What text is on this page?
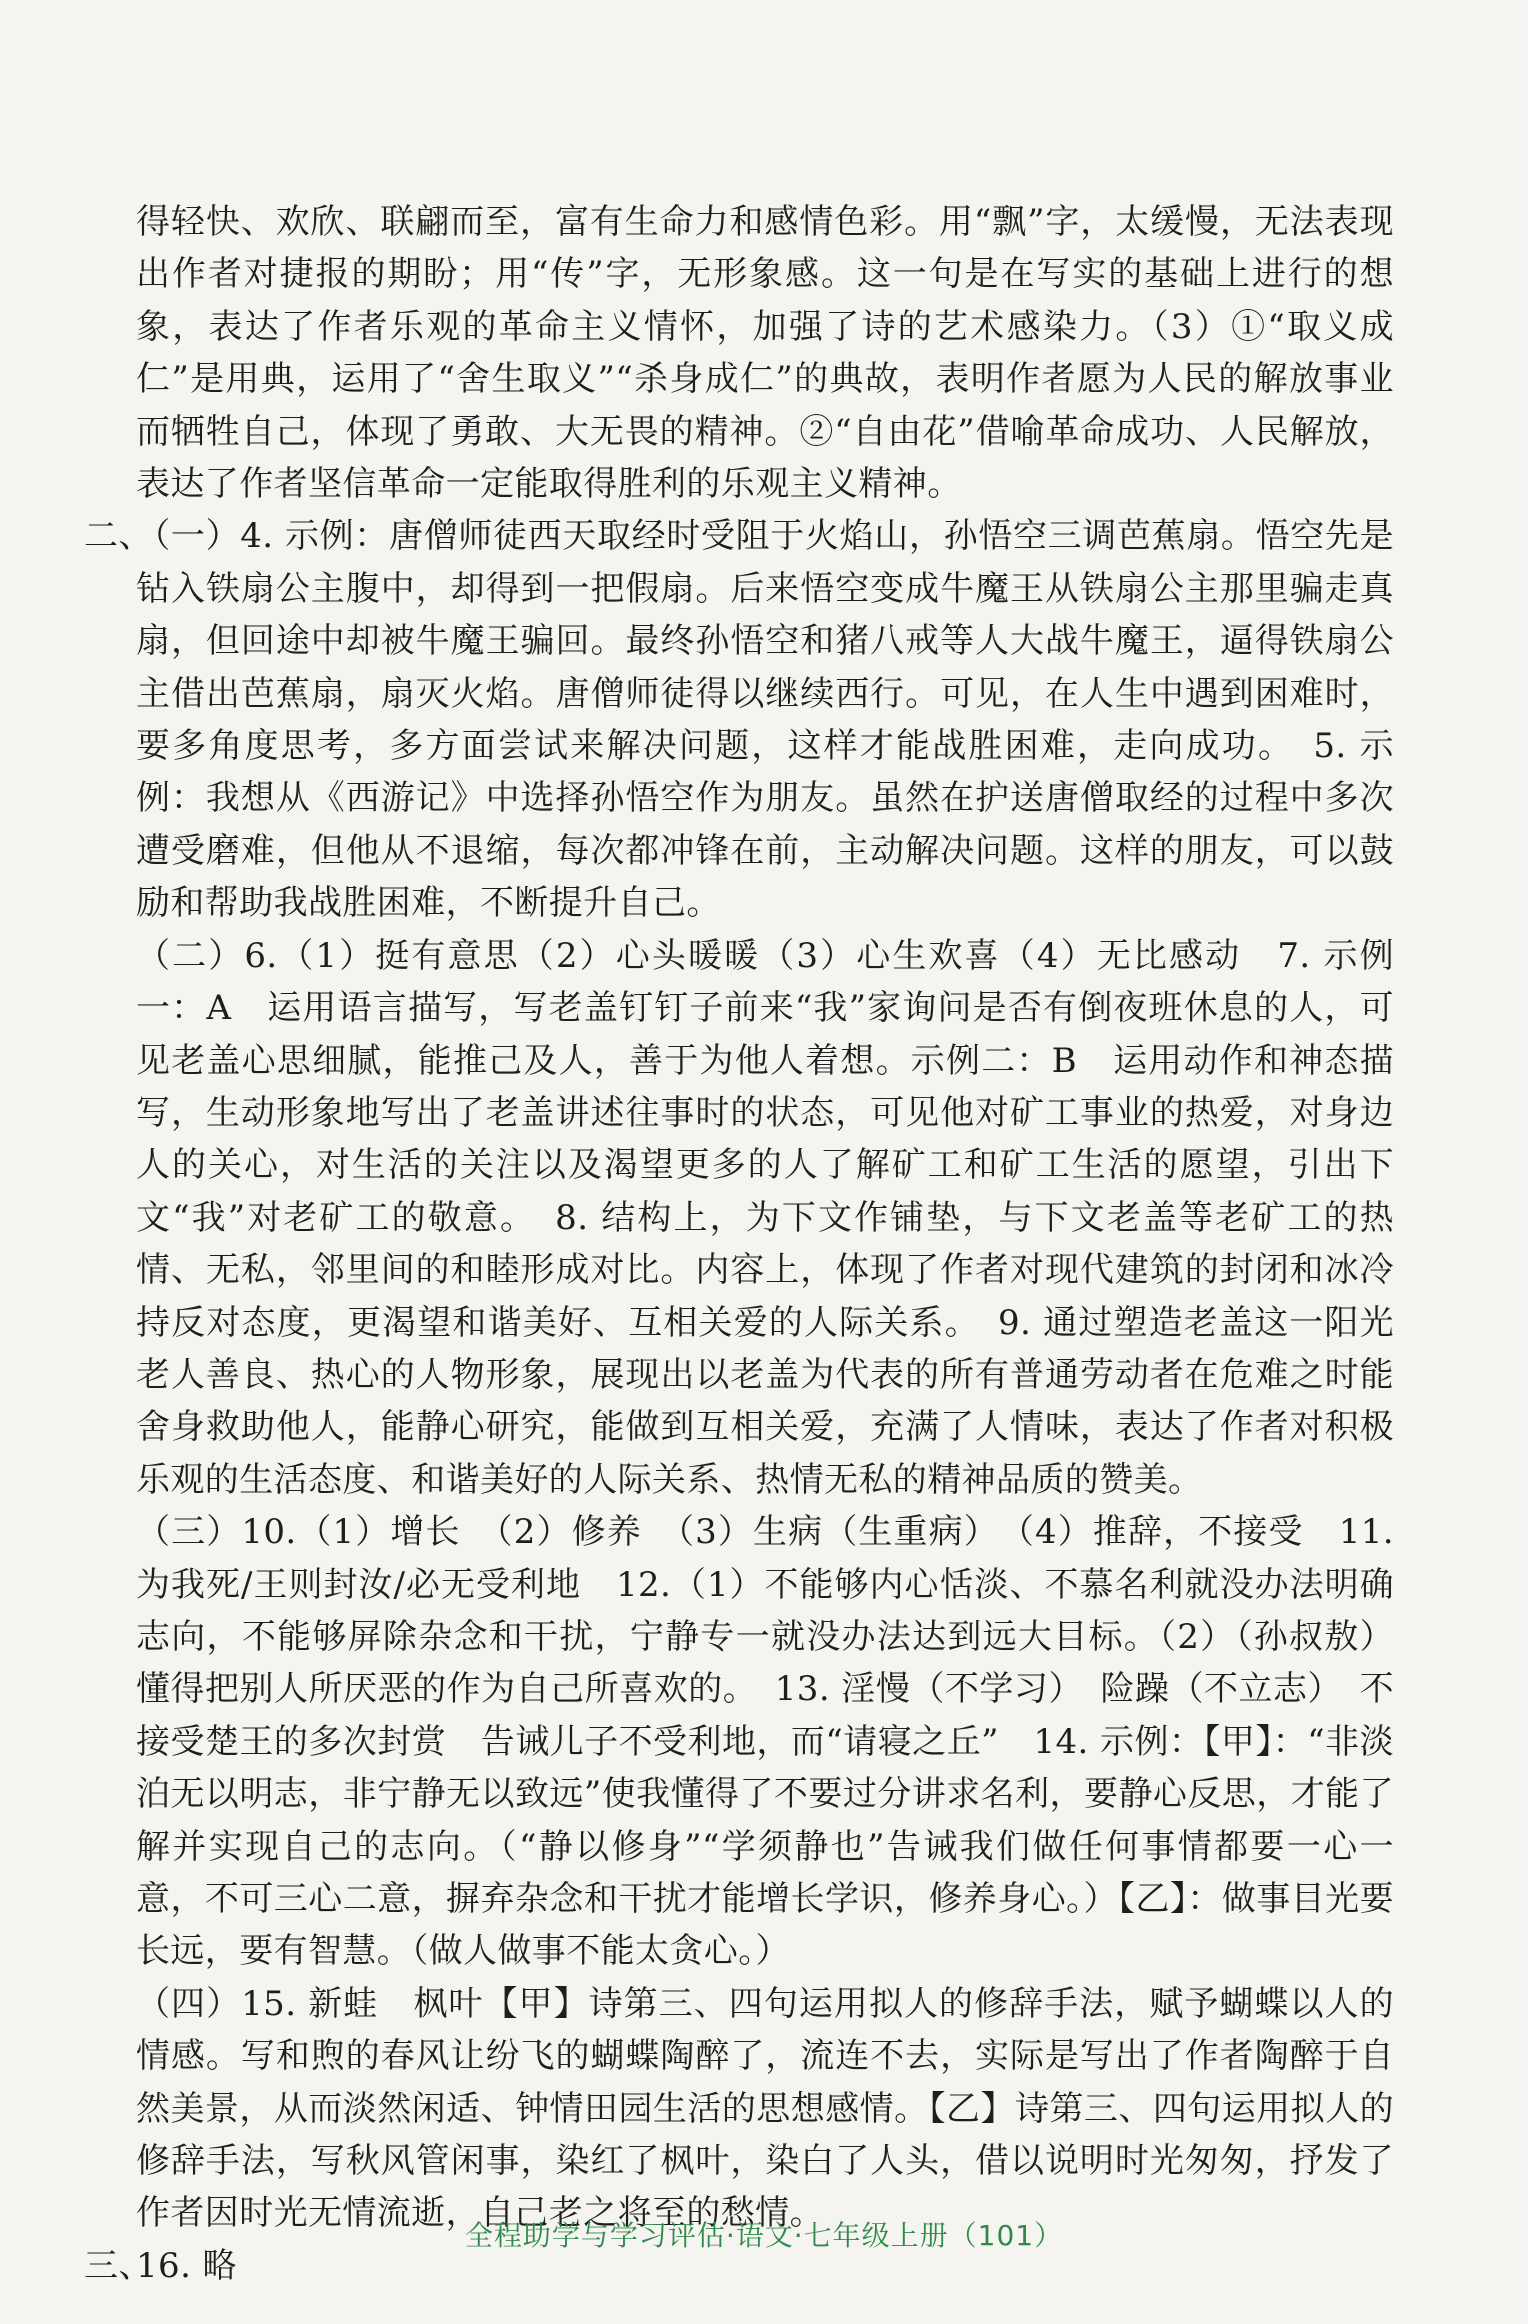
得轻快、欢欣、联翩而至，富有生命力和感情色彩。用“飘”字，太缓慢，无法表现出作者对捷报的期盼；用“传”字，无形象感。这一句是在写实的基础上进行的想象，表达了作者乐观的革命主义情怀，加强了诗的艺术感染力。（3）①“取义成仁”是用典，运用了“舍生取义”“杀身成仁”的典故，表明作者愿为人民的解放事业而牺牲自己，体现了勇敢、大无畏的精神。②“自由花”借喻革命成功、人民解放，表达了作者坚信革命一定能取得胜利的乐观主义精神。

二、（一）4. 示例：唐僧师徒西天取经时受阻于火焰山，孙悟空三调芭蕉扇。悟空先是钻入铁扇公主腹中，却得到一把假扇。后来悟空变成牛魔王从铁扇公主那里骗走真扇，但回途中却被牛魔王骗回。最终孙悟空和猪八戒等人大战牛魔王，逼得铁扇公主借出芭蕉扇，扇灭火焰。唐僧师徒得以继续西行。可见，在人生中遇到困难时，要多角度思考，多方面尝试来解决问题，这样才能战胜困难，走向成功。　5. 示例：我想从《西游记》中选择孙悟空作为朋友。虽然在护送唐僧取经的过程中多次遭受磨难，但他从不退缩，每次都冲锋在前，主动解决问题。这样的朋友，可以鼓励和帮助我战胜困难，不断提升自己。

（二）6.（1）挺有意思（2）心头暖暖（3）心生欢喜（4）无比感动　7. 示例一：A　运用语言描写，写老盖钉钉子前来“我”家询问是否有倒夜班休息的人，可见老盖心思细腻，能推己及人，善于为他人着想。示例二：B　运用动作和神态描写，生动形象地写出了老盖讲述往事时的状态，可见他对矿工事业的热爱，对身边人的关心，对生活的关注以及渴望更多的人了解矿工和矿工生活的愿望，引出下文“我”对老矿工的敬意。　8. 结构上，为下文作铺垫，与下文老盖等老矿工的热情、无私，邻里间的和睦形成对比。内容上，体现了作者对现代建筑的封闭和冰冷持反对态度，更渴望和谐美好、互相关爱的人际关系。　9. 通过塑造老盖这一阳光老人善良、热心的人物形象，展现出以老盖为代表的所有普通劳动者在危难之时能舍身救助他人，能静心研究，能做到互相关爱，充满了人情味，表达了作者对积极乐观的生活态度、和谐美好的人际关系、热情无私的精神品质的赞美。

（三）10.（1）增长　（2）修养　（3）生病（生重病）　（4）推辞，不接受　11. 为我死/王则封汝/必无受利地　12.（1）不能够内心恬淡、不慕名利就没办法明确志向，不能够屏除杂念和干扰，宁静专一就没办法达到远大目标。（2）（孙叔敖）懂得把别人所厌恶的作为自己所喜欢的。　13. 淫慢（不学习）　险躁（不立志）　不接受楚王的多次封赏　告诫儿子不受利地，而“请寝之丘”　14. 示例：【甲】：“非淡泊无以明志，非宁静无以致远”使我懂得了不要过分讲求名利，要静心反思，才能了解并实现自己的志向。（“静以修身”“学须静也”告诫我们做任何事情都要一心一意，不可三心二意，摒弃杂念和干扰才能增长学识，修养身心。）【乙】：做事目光要长远，要有智慧。（做人做事不能太贪心。）

（四）15. 新蛙　枫叶【甲】诗第三、四句运用拟人的修辞手法，赋予蝴蝶以人的情感。写和煦的春风让纷飞的蝴蝶陶醉了，流连不去，实际是写出了作者陶醉于自然美景，从而淡然闲适、钟情田园生活的思想感情。【乙】诗第三、四句运用拟人的修辞手法，写秋风管闲事，染红了枫叶，染白了人头，借以说明时光匆匆，抒发了作者因时光无情流逝，自己老之将至的愁情。

三、16. 略

全程助学与学习评估·语文·七年级上册（101）
